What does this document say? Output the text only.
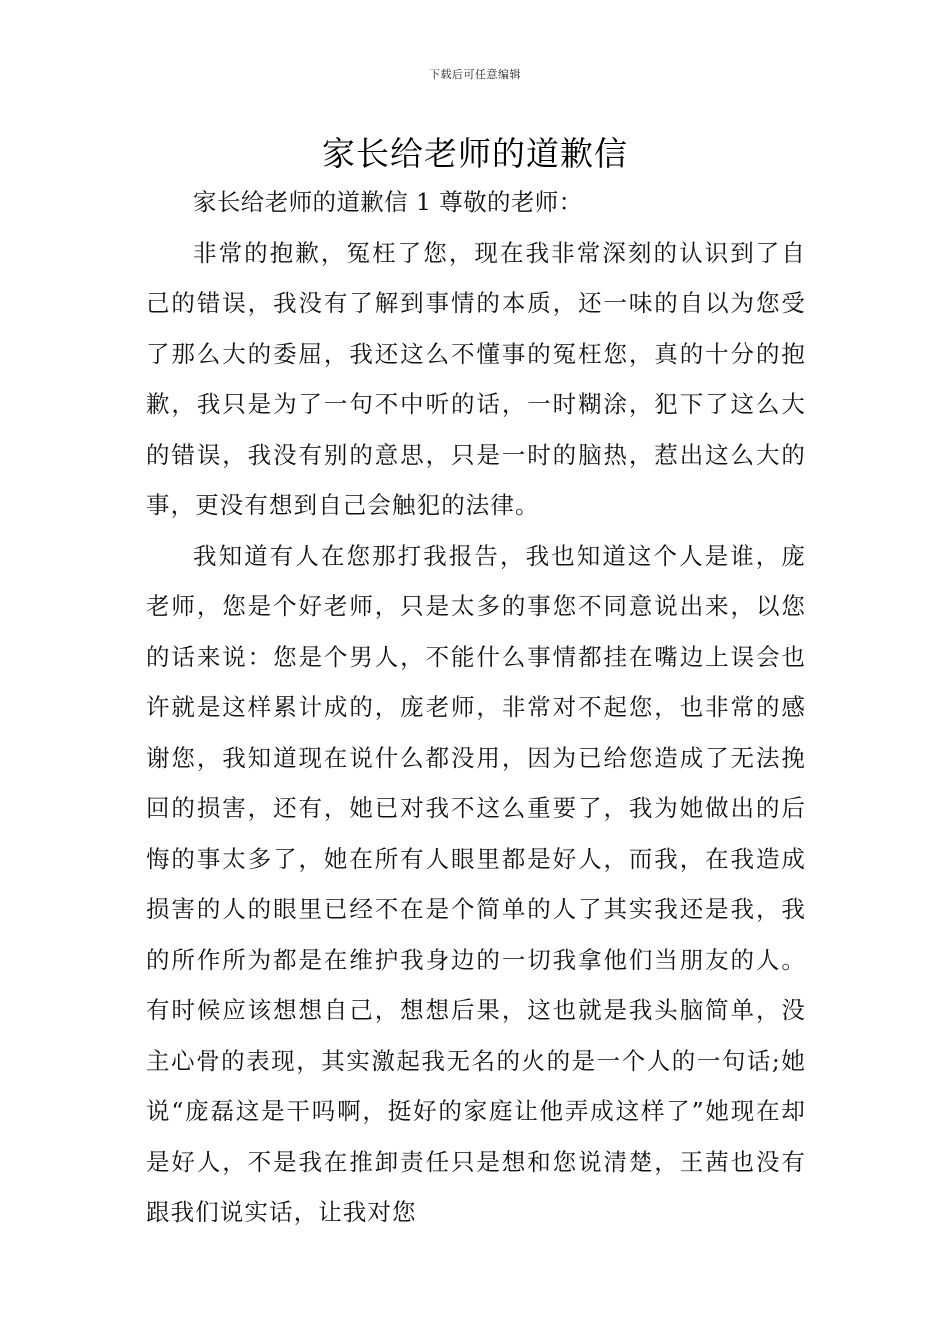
下载后可任意编辑
家长给老师的道歉信

家长给老师的道歉信 1 尊敬的老师：

非常的抱歉，冤枉了您，现在我非常深刻的认识到了自己的错误，我没有了解到事情的本质，还一味的自以为您受了那么大的委屈，我还这么不懂事的冤枉您，真的十分的抱歉，我只是为了一句不中听的话，一时糊涂，犯下了这么大的错误，我没有别的意思，只是一时的脑热，惹出这么大的事，更没有想到自己会触犯的法律。

我知道有人在您那打我报告，我也知道这个人是谁，庞老师，您是个好老师，只是太多的事您不同意说出来，以您的话来说：您是个男人，不能什么事情都挂在嘴边上误会也许就是这样累计成的，庞老师，非常对不起您，也非常的感谢您，我知道现在说什么都没用，因为已给您造成了无法挽回的损害，还有，她已对我不这么重要了，我为她做出的后悔的事太多了，她在所有人眼里都是好人，而我，在我造成损害的人的眼里已经不在是个简单的人了其实我还是我，我的所作所为都是在维护我身边的一切我拿他们当朋友的人。有时候应该想想自己，想想后果，这也就是我头脑简单，没主心骨的表现，其实激起我无名的火的是一个人的一句话;她说“庞磊这是干吗啊，挺好的家庭让他弄成这样了”她现在却是好人，不是我在推卸责任只是想和您说清楚，王茜也没有跟我们说实话，让我对您
